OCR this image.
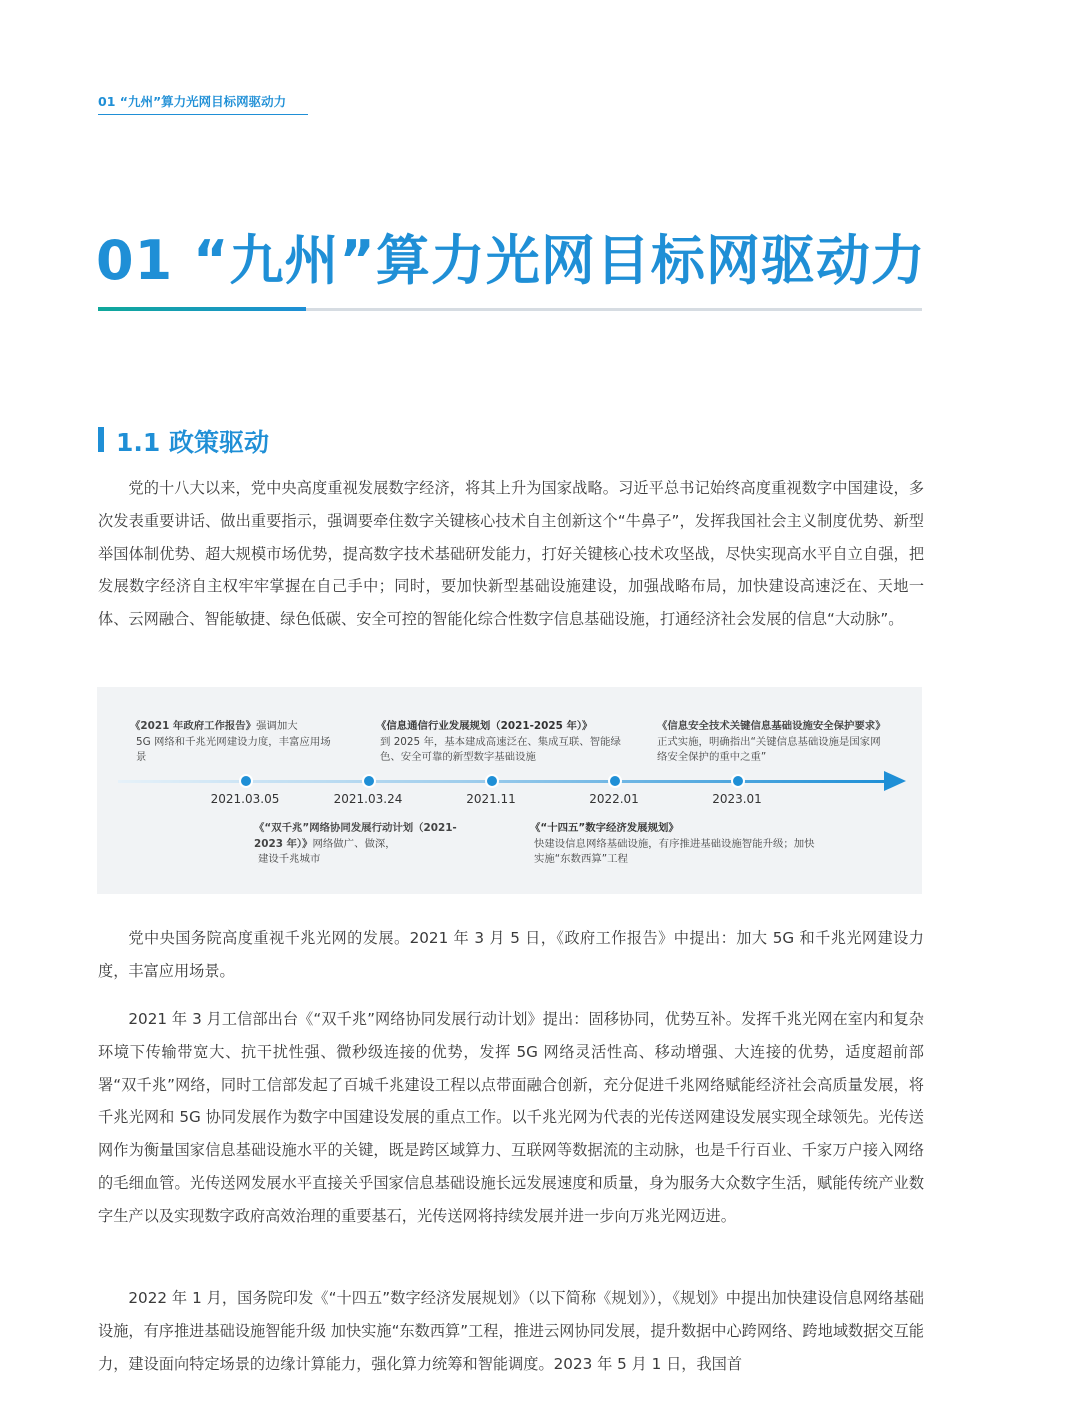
01 “九州”算力光网目标网驱动力
01 “九州”算力光网目标网驱动力
1.1 政策驱动

党的十八大以来，党中央高度重视发展数字经济，将其上升为国家战略。习近平总书记始终高度重视数字中国建设，多次发表重要讲话、做出重要指示，强调要牵住数字关键核心技术自主创新这个“牛鼻子”，发挥我国社会主义制度优势、新型举国体制优势、超大规模市场优势，提高数字技术基础研发能力，打好关键核心技术攻坚战，尽快实现高水平自立自强，把发展数字经济自主权牢牢掌握在自己手中；同时，要加快新型基础设施建设，加强战略布局，加快建设高速泛在、天地一体、云网融合、智能敏捷、绿色低碳、安全可控的智能化综合性数字信息基础设施，打通经济社会发展的信息“大动脉”。

《2021 年政府工作报告》强调加大
5G 网络和千兆光网建设力度，丰富应用场景
《信息通信行业发展规划（2021-2025 年）》
到 2025 年，基本建成高速泛在、集成互联、智能绿色、安全可靠的新型数字基础设施
《信息安全技术关键信息基础设施安全保护要求》正式实施，明确指出“关键信息基础设施是国家网络安全保护的重中之重”
2021.03.05	2021.03.24	2021.11	2022.01	2023.01
《“双千兆”网络协同发展行动计划（2021-2023 年）》网络做广、做深，
建设千兆城市
《“十四五”数字经济发展规划》
快建设信息网络基础设施，有序推进基础设施智能升级；加快实施“东数西算”工程

党中央国务院高度重视千兆光网的发展。2021 年 3 月 5 日，《政府工作报告》中提出：加大 5G 和千兆光网建设力度，丰富应用场景。

2021 年 3 月工信部出台《“双千兆”网络协同发展行动计划》提出：固移协同，优势互补。发挥千兆光网在室内和复杂环境下传输带宽大、抗干扰性强、微秒级连接的优势，发挥 5G 网络灵活性高、移动增强、大连接的优势，适度超前部署“双千兆”网络，同时工信部发起了百城千兆建设工程以点带面融合创新，充分促进千兆网络赋能经济社会高质量发展，将千兆光网和 5G 协同发展作为数字中国建设发展的重点工作。以千兆光网为代表的光传送网建设发展实现全球领先。光传送网作为衡量国家信息基础设施水平的关键，既是跨区域算力、互联网等数据流的主动脉，也是千行百业、千家万户接入网络的毛细血管。光传送网发展水平直接关乎国家信息基础设施长远发展速度和质量，身为服务大众数字生活，赋能传统产业数字生产以及实现数字政府高效治理的重要基石，光传送网将持续发展并进一步向万兆光网迈进。

2022 年 1 月，国务院印发《“十四五”数字经济发展规划》（以下简称《规划》），《规划》中提出加快建设信息网络基础设施，有序推进基础设施智能升级 加快实施“东数西算”工程，推进云网协同发展，提升数据中心跨网络、跨地域数据交互能力，建设面向特定场景的边缘计算能力，强化算力统筹和智能调度。2023 年 5 月 1 日，我国首
